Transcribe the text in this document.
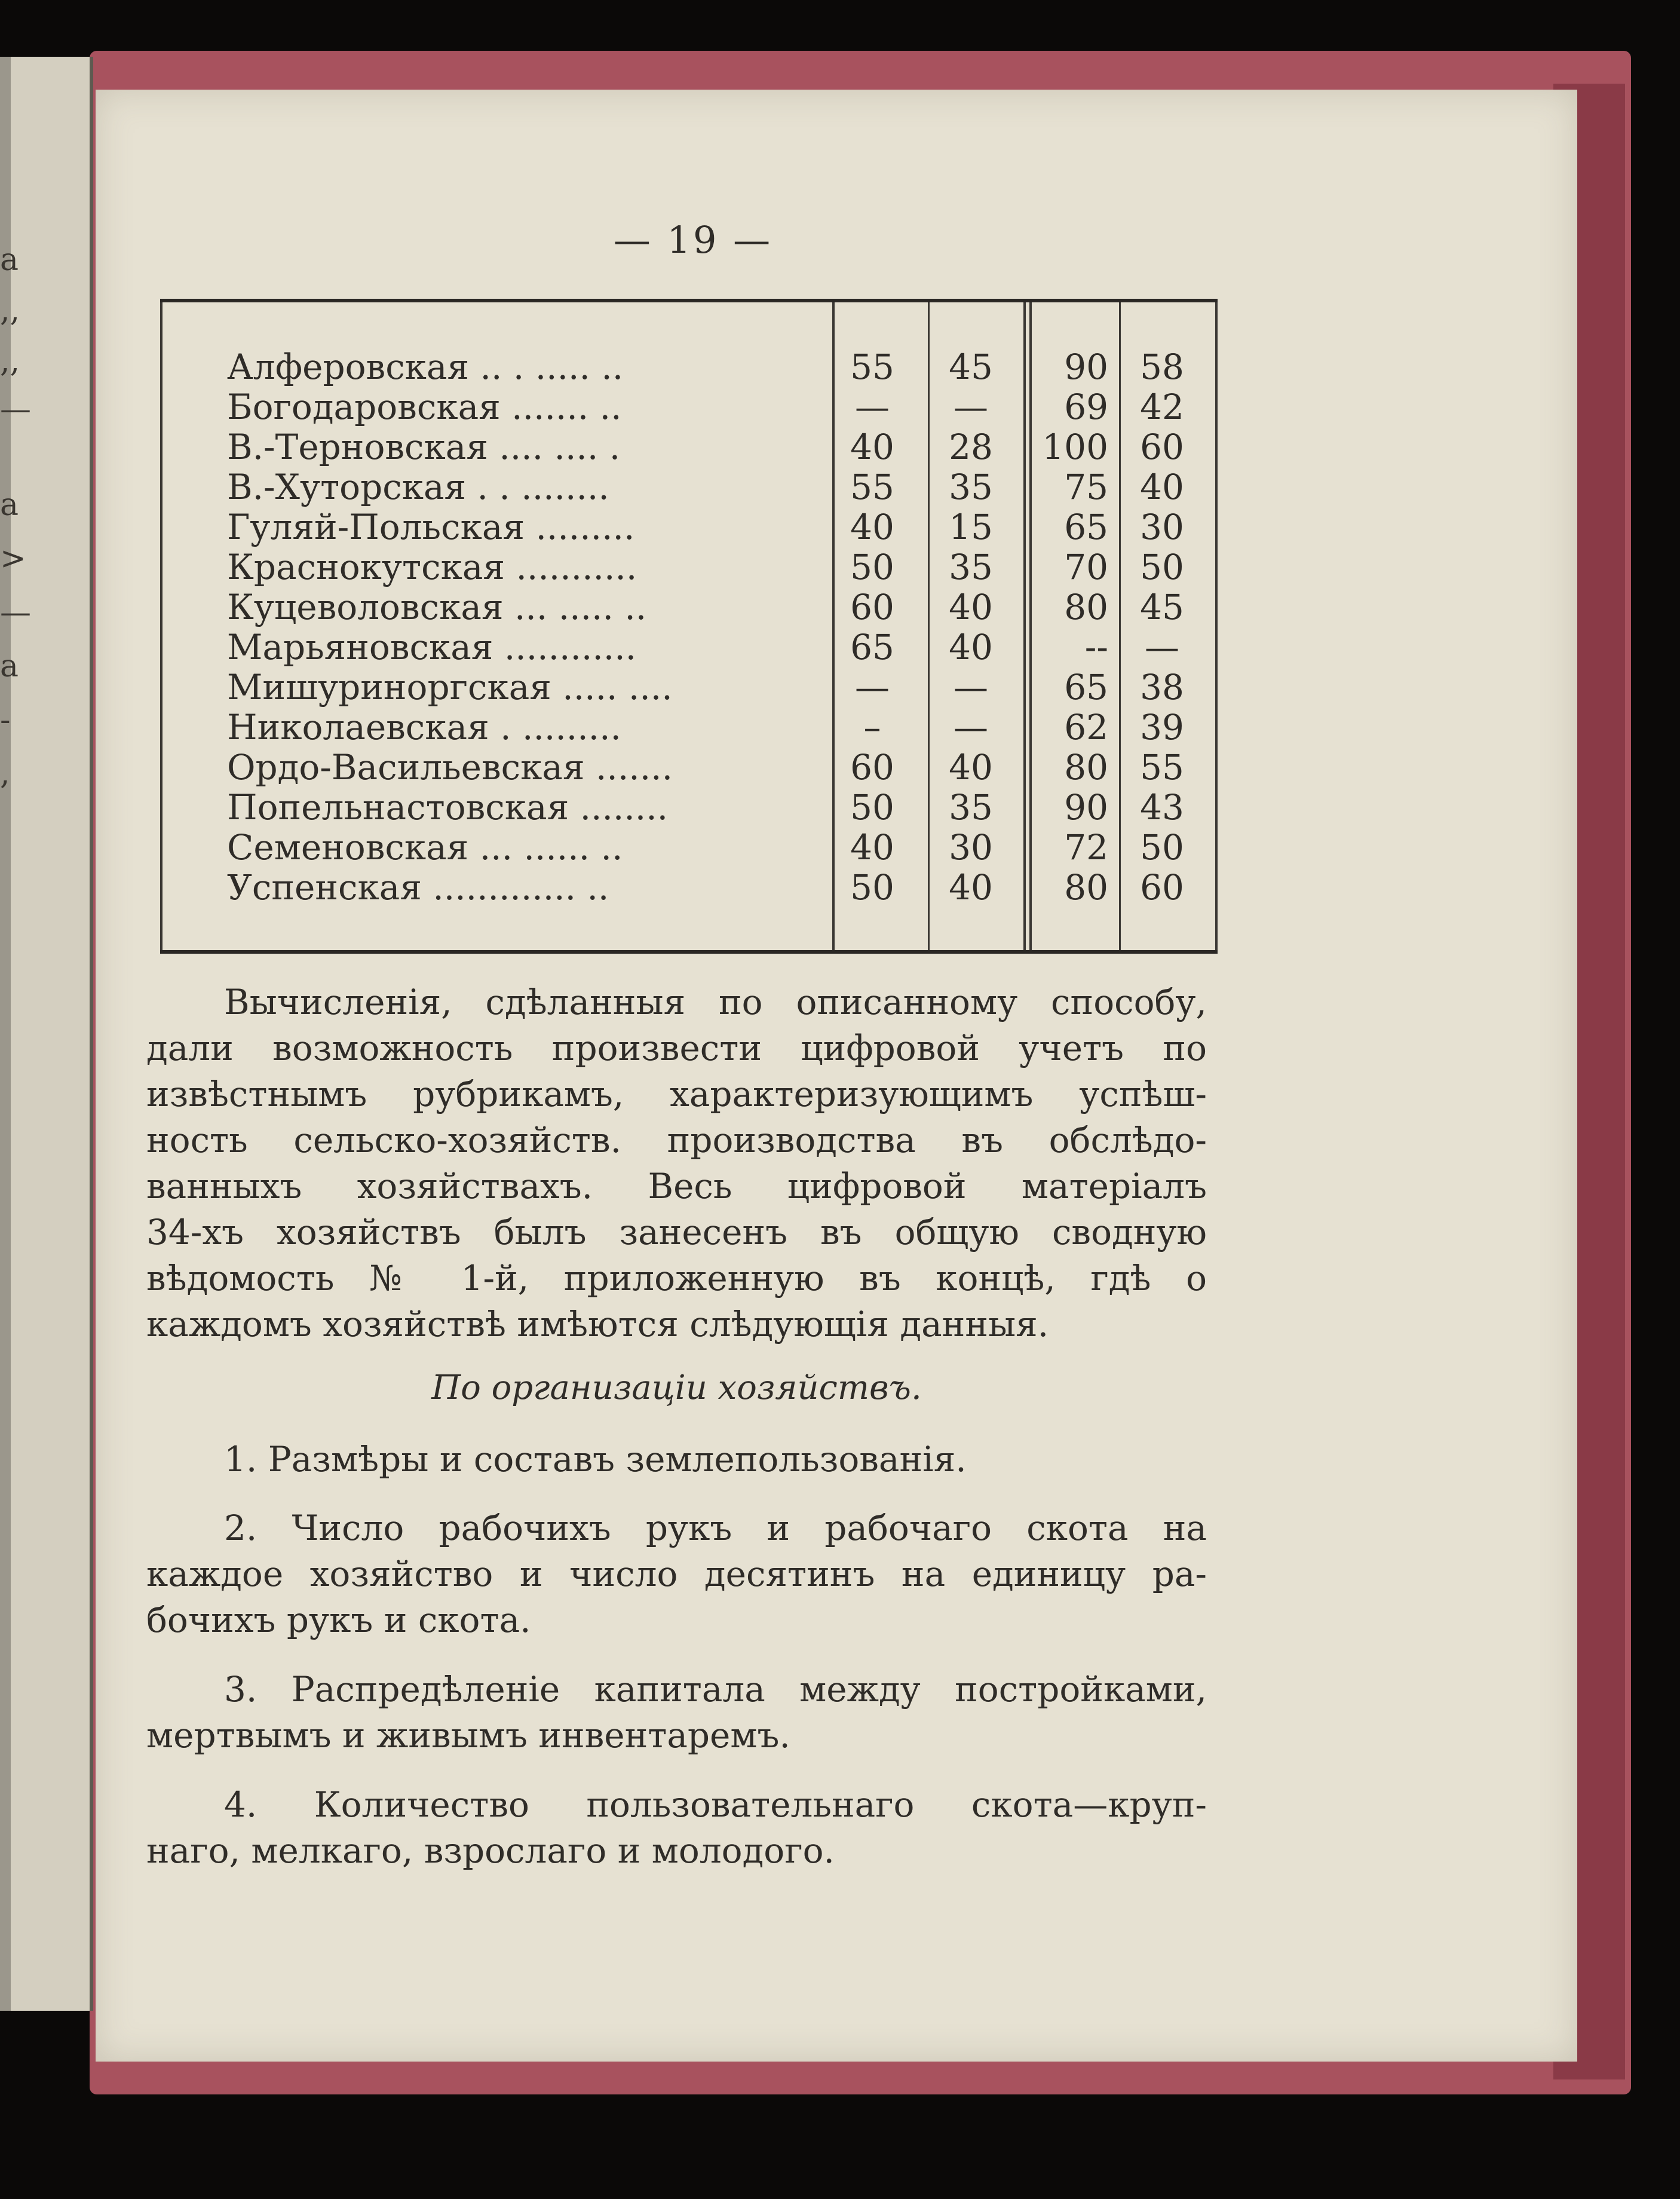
а
,,
,,
—
а
>
—
а
-
,
— 19 —
Алферовская .. . ..... ..	55	45	90 58
Богодаровская ....... ..	—	—	69 42
В.-Терновская .... .... .	40	28	100 60
В.-Хуторская . . ........	55	35	75 40
Гуляй-Польская .........	40	15	65 30
Краснокутская ...........	50	35	70 50
Куцеволовская ... ..... ..	60	40	80 45
Марьяновская ............	65	40	--	—
Мишуриноргская ..... ....	—	—	65 38
Николаевская . .........	–	—	62 39
Ордо-Васильевская .......	60	40	80 55
Попельнастовская ........	50	35	90 43
Семеновская ... ...... ..	40	30	72 50
Успенская ............. ..	50	40	80 60
Вычисленія, сдѣланныя по описанному способу,
дали возможность произвести цифровой учетъ по
извѣстнымъ рубрикамъ, характеризующимъ успѣш-
ность сельско-хозяйств. производства въ обслѣдо-
ванныхъ хозяйствахъ. Весь цифровой матеріалъ
34-хъ хозяйствъ былъ занесенъ въ общую сводную
вѣдомость № 1-й, приложенную въ концѣ, гдѣ о
каждомъ хозяйствѣ имѣются слѣдующія данныя.
По организаціи хозяйствъ.
1. Размѣры и составъ землепользованія.
2. Число рабочихъ рукъ и рабочаго скота на
каждое хозяйство и число десятинъ на единицу ра-
бочихъ рукъ и скота.
3. Распредѣленіе капитала между постройками,
мертвымъ и живымъ инвентаремъ.
4. Количество пользовательнаго скота—круп-
наго, мелкаго, взрослаго и молодого.
